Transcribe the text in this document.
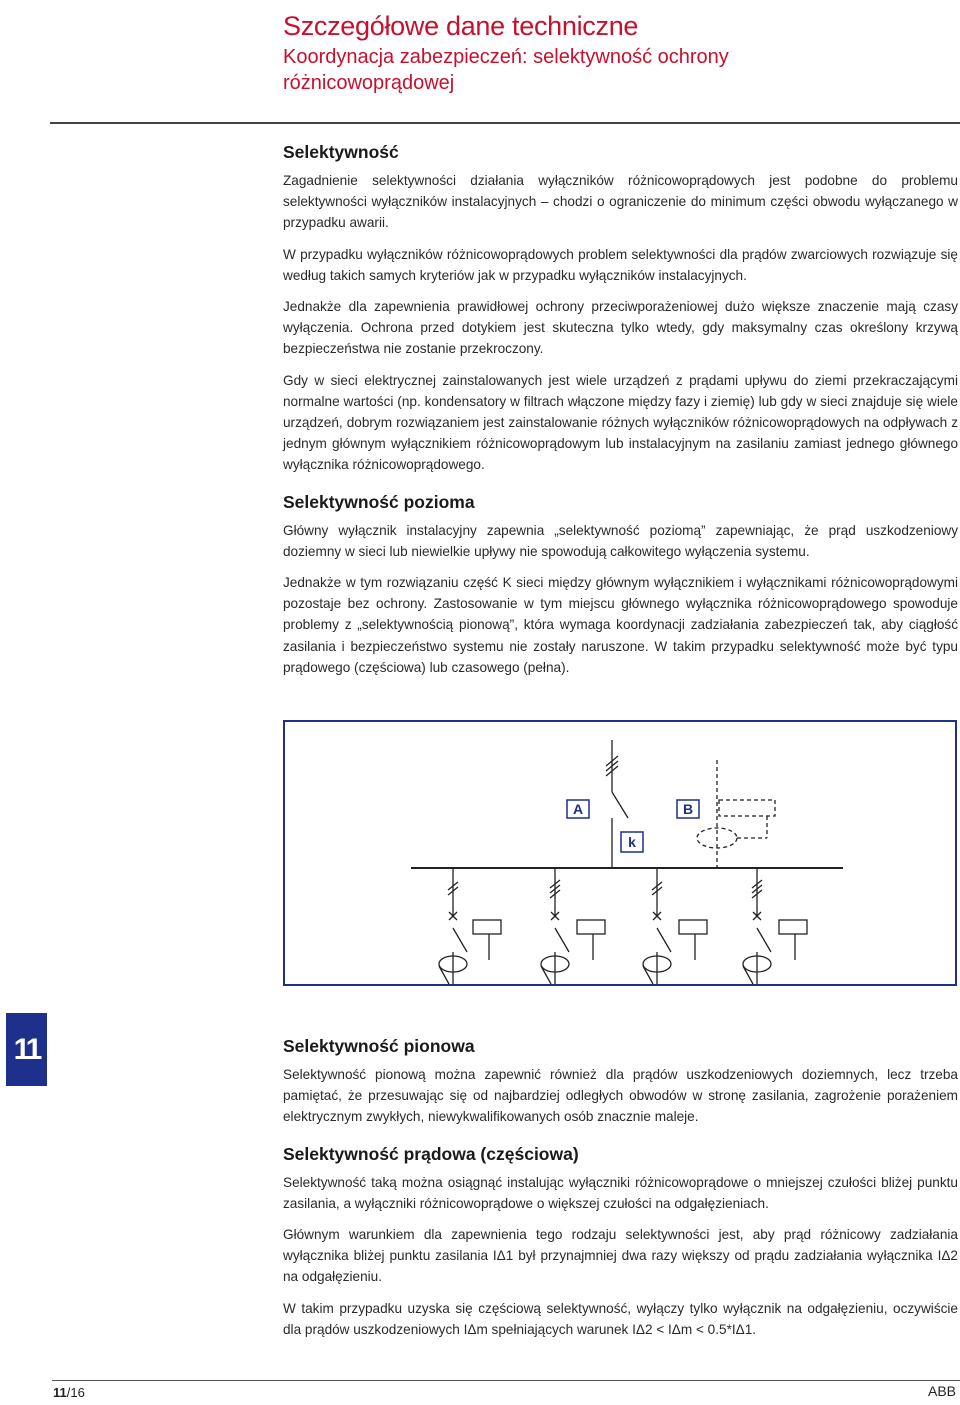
Szczegółowe dane techniczne
Koordynacja zabezpieczeń: selektywność ochrony
różnicowoprądowej
Selektywność

Zagadnienie selektywności działania wyłączników różnicowoprądowych jest podobne do problemu selektywności wyłączników instalacyjnych – chodzi o ograniczenie do minimum części obwodu wyłączanego w przypadku awarii.

W przypadku wyłączników różnicowoprądowych problem selektywności dla prądów zwarciowych rozwiązuje się według takich samych kryteriów jak w przypadku wyłączników instalacyjnych.

Jednakże dla zapewnienia prawidłowej ochrony przeciwporażeniowej dużo większe znaczenie mają czasy wyłączenia. Ochrona przed dotykiem jest skuteczna tylko wtedy, gdy maksymalny czas określony krzywą bezpieczeństwa nie zostanie przekroczony.

Gdy w sieci elektrycznej zainstalowanych jest wiele urządzeń z prądami upływu do ziemi przekraczającymi normalne wartości (np. kondensatory w filtrach włączone między fazy i ziemię) lub gdy w sieci znajduje się wiele urządzeń, dobrym rozwiązaniem jest zainstalowanie różnych wyłączników różnicowoprądowych na odpływach z jednym głównym wyłącznikiem różnicowoprądowym lub instalacyjnym na zasilaniu zamiast jednego głównego wyłącznika różnicowoprądowego.

Selektywność pozioma

Główny wyłącznik instalacyjny zapewnia „selektywność poziomą” zapewniając, że prąd uszkodzeniowy doziemny w sieci lub niewielkie upływy nie spowodują całkowitego wyłączenia systemu.

Jednakże w tym rozwiązaniu część K sieci między głównym wyłącznikiem i wyłącznikami różnicowoprądowymi pozostaje bez ochrony. Zastosowanie w tym miejscu głównego wyłącznika różnicowoprądowego spowoduje problemy z „selektywnością pionową”, która wymaga koordynacji zadziałania zabezpieczeń tak, aby ciągłość zasilania i bezpieczeństwo systemu nie zostały naruszone. W takim przypadku selektywność może być typu prądowego (częściowa) lub czasowego (pełna).

A	B
k
11	Selektywność pionowa

Selektywność pionową można zapewnić również dla prądów uszkodzeniowych doziemnych, lecz trzeba pamiętać, że przesuwając się od najbardziej odległych obwodów w stronę zasilania, zagrożenie porażeniem elektrycznym zwykłych, niewykwalifikowanych osób znacznie maleje.

Selektywność prądowa (częściowa)

Selektywność taką można osiągnąć instalując wyłączniki różnicowoprądowe o mniejszej czułości bliżej punktu zasilania, a wyłączniki różnicowoprądowe o większej czułości na odgałęzieniach.

Głównym warunkiem dla zapewnienia tego rodzaju selektywności jest, aby prąd różnicowy zadziałania wyłącznika bliżej punktu zasilania IΔ1 był przynajmniej dwa razy większy od prądu zadziałania wyłącznika IΔ2 na odgałęzieniu.

W takim przypadku uzyska się częściową selektywność, wyłączy tylko wyłącznik na odgałęzieniu, oczywiście dla prądów uszkodzeniowych IΔm spełniających warunek IΔ2 < IΔm < 0.5*IΔ1.

11/16	ABB
